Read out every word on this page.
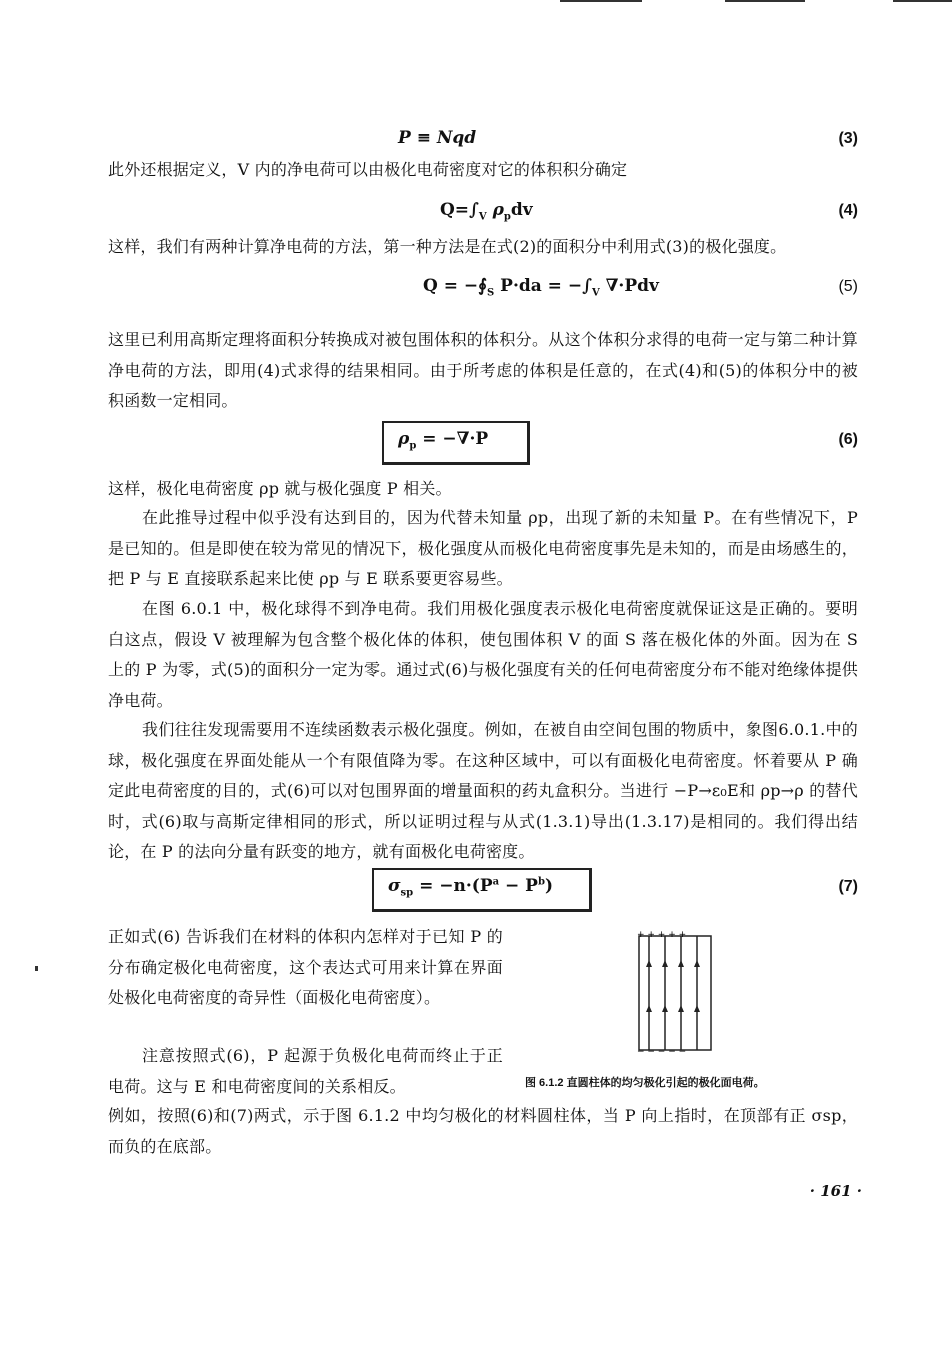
P ≡ Nqd	(3)
此外还根据定义，V 内的净电荷可以由极化电荷密度对它的体积积分确定
$Q=\int_V$ $\rho_pdv$	(4)
这样，我们有两种计算净电荷的方法，第一种方法是在式(2)的面积分中利用式(3)的极化强度。
$Q = -∮_S$ $P\cdot da = -\int_V$ ∇·Pdv	(5)
这里已利用高斯定理将面积分转换成对被包围体积的体积分。从这个体积分求得的电荷一定与第二种计算净电荷的方法，即用(4)式求得的结果相同。由于所考虑的体积是任意的，在式(4)和(5)的体积分中的被积函数一定相同。
$\rho_p = -\nabla\cdot P$	(6)
这样，极化电荷密度 ρp 就与极化强度 P 相关。
在此推导过程中似乎没有达到目的，因为代替未知量 ρp，出现了新的未知量 P。在有些情况下，P 是已知的。但是即使在较为常见的情况下，极化强度从而极化电荷密度事先是未知的，而是由场感生的，把 P 与 E 直接联系起来比使 ρp 与 E 联系要更容易些。
在图 6.0.1 中，极化球得不到净电荷。我们用极化强度表示极化电荷密度就保证这是正确的。要明白这点，假设 V 被理解为包含整个极化体的体积，使包围体积 V 的面 S 落在极化体的外面。因为在 S 上的 P 为零，式(5)的面积分一定为零。通过式(6)与极化强度有关的任何电荷密度分布不能对绝缘体提供净电荷。
我们往往发现需要用不连续函数表示极化强度。例如，在被自由空间包围的物质中，象图6.0.1.中的球，极化强度在界面处能从一个有限值降为零。在这种区域中，可以有面极化电荷密度。怀着要从 P 确定此电荷密度的目的，式(6)可以对包围界面的增量面积的药丸盒积分。当进行 −P→ε₀E和 ρp→ρ 的替代时，式(6)取与高斯定律相同的形式，所以证明过程与从式(1.3.1)导出(1.3.17)是相同的。我们得出结论，在 P 的法向分量有跃变的地方，就有面极化电荷密度。
$\sigma_{sp} = -n\cdot(P^a - P^b)$	(7)
正如式(6) 告诉我们在材料的体积内怎样对于已知 P 的分布确定极化电荷密度，这个表达式可用来计算在界面处极化电荷密度的奇异性（面极化电荷密度）。
注意按照式(6)，P 起源于负极化电荷而终止于正电荷。这与 E 和电荷密度间的关系相反。
例如，按照(6)和(7)两式，示于图 6.1.2 中均匀极化的材料圆柱体，当 P 向上指时，在顶部有正 σsp，而负的在底部。
+ + + + +
− − − − −
图 6.1.2 直圆柱体的均匀极化引起的极化面电荷。
· 161 ·
